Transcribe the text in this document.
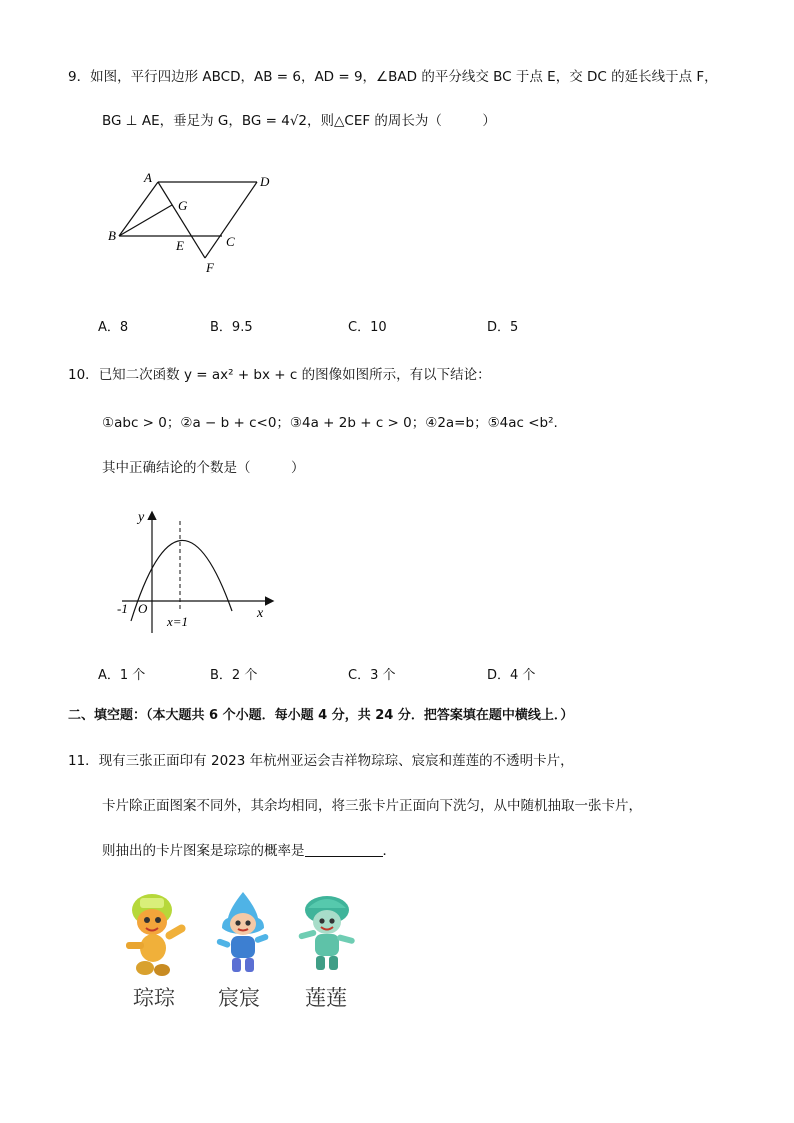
9．如图，平行四边形 ABCD，AB = 6，AD = 9，∠BAD 的平分线交 BC 于点 E，交 DC 的延长线于点 F，
BG ⊥ AE，垂足为 G，BG = 4√2，则△CEF 的周长为（　　　）
A	D
B	C
E
F
G
A．8	B．9.5	C．10	D．5
10．已知二次函数 y = ax² + bx + c 的图像如图所示，有以下结论：
①abc > 0；②a − b + c<0；③4a + 2b + c > 0；④2a=b；⑤4ac <b².
其中正确结论的个数是（　　　）
y
x
O
-1
x=1
A．1 个	B．2 个	C．3 个	D．4 个
二、填空题：（本大题共 6 个小题．每小题 4 分，共 24 分．把答案填在题中横线上．）
11．现有三张正面印有 2023 年杭州亚运会吉祥物琮琮、宸宸和莲莲的不透明卡片，
卡片除正面图案不同外，其余均相同，将三张卡片正面向下洗匀，从中随机抽取一张卡片，
则抽出的卡片图案是琮琮的概率是	．
琮琮 宸宸 莲莲
